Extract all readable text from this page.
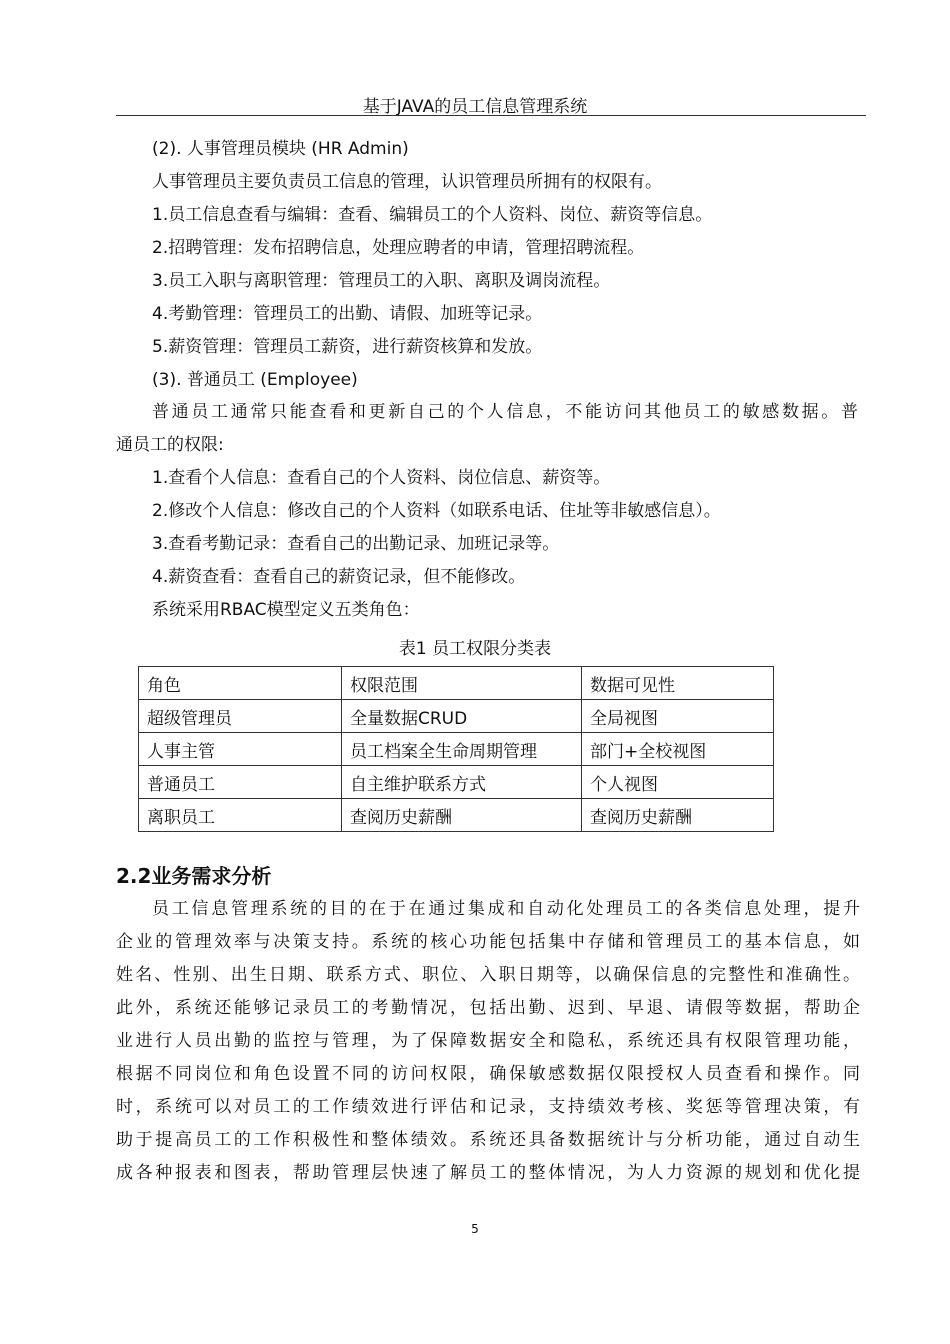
基于JAVA的员工信息管理系统
(2). 人事管理员模块 (HR Admin)
人事管理员主要负责员工信息的管理，认识管理员所拥有的权限有。
1.员工信息查看与编辑：查看、编辑员工的个人资料、岗位、薪资等信息。
2.招聘管理：发布招聘信息，处理应聘者的申请，管理招聘流程。
3.员工入职与离职管理：管理员工的入职、离职及调岗流程。
4.考勤管理：管理员工的出勤、请假、加班等记录。
5.薪资管理：管理员工薪资，进行薪资核算和发放。
(3). 普通员工 (Employee)
普通员工通常只能查看和更新自己的个人信息，不能访问其他员工的敏感数据。普
通员工的权限:
1.查看个人信息：查看自己的个人资料、岗位信息、薪资等。
2.修改个人信息：修改自己的个人资料（如联系电话、住址等非敏感信息）。
3.查看考勤记录：查看自己的出勤记录、加班记录等。
4.薪资查看：查看自己的薪资记录，但不能修改。
系统采用RBAC模型定义五类角色：
表1 员工权限分类表
角色	权限范围	数据可见性
超级管理员	全量数据CRUD	全局视图
人事主管	员工档案全生命周期管理	部门+全校视图
普通员工	自主维护联系方式	个人视图
离职员工	查阅历史薪酬	查阅历史薪酬
2.2业务需求分析
员工信息管理系统的目的在于在通过集成和自动化处理员工的各类信息处理，提升
企业的管理效率与决策支持。系统的核心功能包括集中存储和管理员工的基本信息，如
姓名、性别、出生日期、联系方式、职位、入职日期等，以确保信息的完整性和准确性。
此外，系统还能够记录员工的考勤情况，包括出勤、迟到、早退、请假等数据，帮助企
业进行人员出勤的监控与管理，为了保障数据安全和隐私，系统还具有权限管理功能，
根据不同岗位和角色设置不同的访问权限，确保敏感数据仅限授权人员查看和操作。同
时，系统可以对员工的工作绩效进行评估和记录，支持绩效考核、奖惩等管理决策，有
助于提高员工的工作积极性和整体绩效。系统还具备数据统计与分析功能，通过自动生
成各种报表和图表，帮助管理层快速了解员工的整体情况，为人力资源的规划和优化提
5
